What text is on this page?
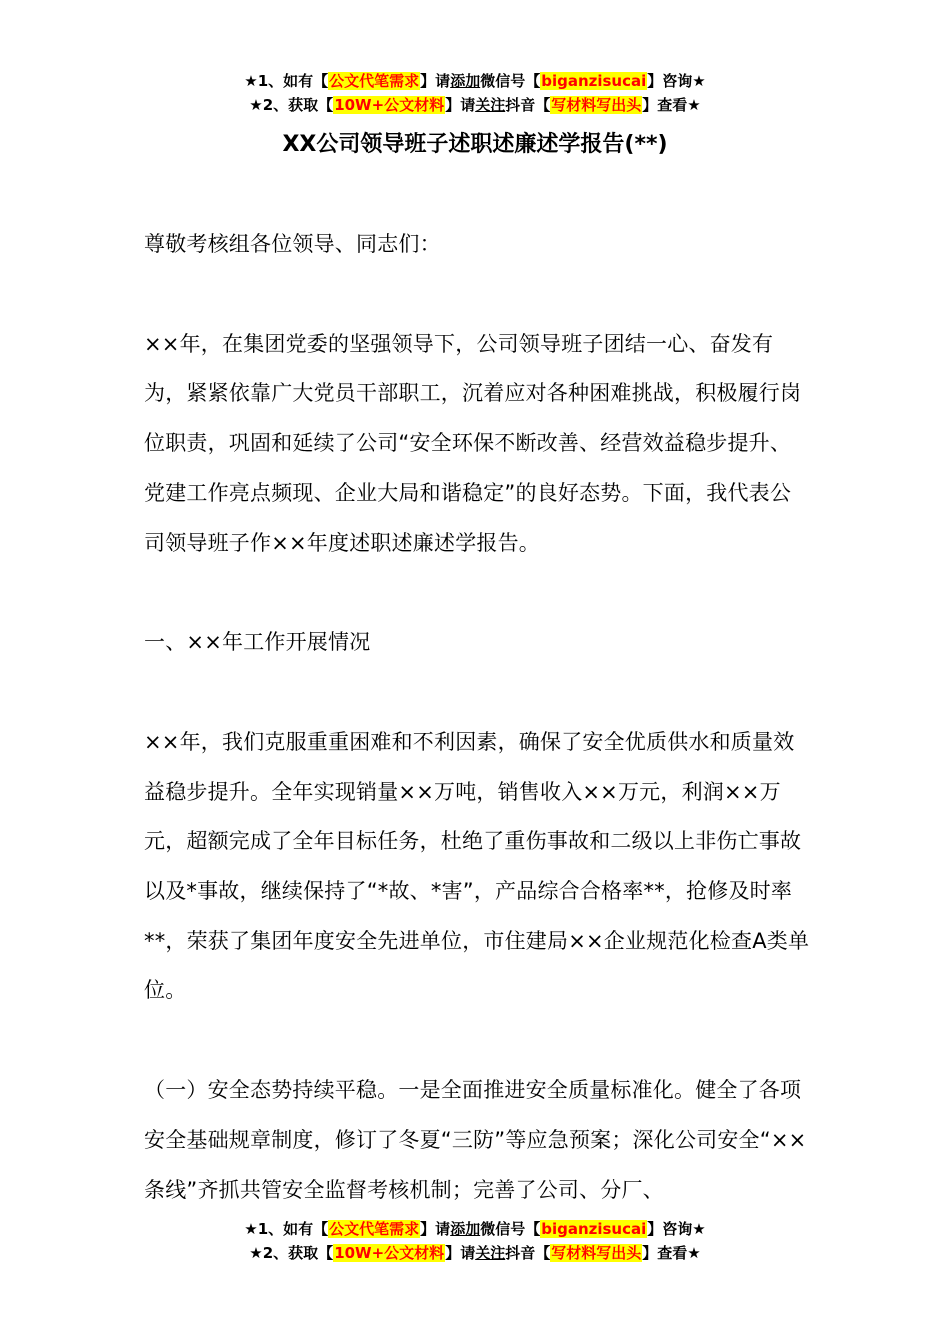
★1、如有【公文代笔需求】请添加微信号【biganzisucai】咨询★
★2、获取【10W+公文材料】请关注抖音【写材料写出头】查看★
XX公司领导班子述职述廉述学报告(**)

尊敬考核组各位领导、同志们：

××年，在集团党委的坚强领导下，公司领导班子团结一心、奋发有为，紧紧依靠广大党员干部职工，沉着应对各种困难挑战，积极履行岗位职责，巩固和延续了公司“安全环保不断改善、经营效益稳步提升、党建工作亮点频现、企业大局和谐稳定”的良好态势。下面，我代表公司领导班子作××年度述职述廉述学报告。

一、××年工作开展情况

××年，我们克服重重困难和不利因素，确保了安全优质供水和质量效益稳步提升。全年实现销量××万吨，销售收入××万元，利润××万元，超额完成了全年目标任务，杜绝了重伤事故和二级以上非伤亡事故以及*事故，继续保持了“*故、*害”，产品综合合格率**，抢修及时率**，荣获了集团年度安全先进单位，市住建局××企业规范化检查A类单位。

（一）安全态势持续平稳。一是全面推进安全质量标准化。健全了各项安全基础规章制度，修订了冬夏“三防”等应急预案；深化公司安全“××条线”齐抓共管安全监督考核机制；完善了公司、分厂、

★1、如有【公文代笔需求】请添加微信号【biganzisucai】咨询★
★2、获取【10W+公文材料】请关注抖音【写材料写出头】查看★
